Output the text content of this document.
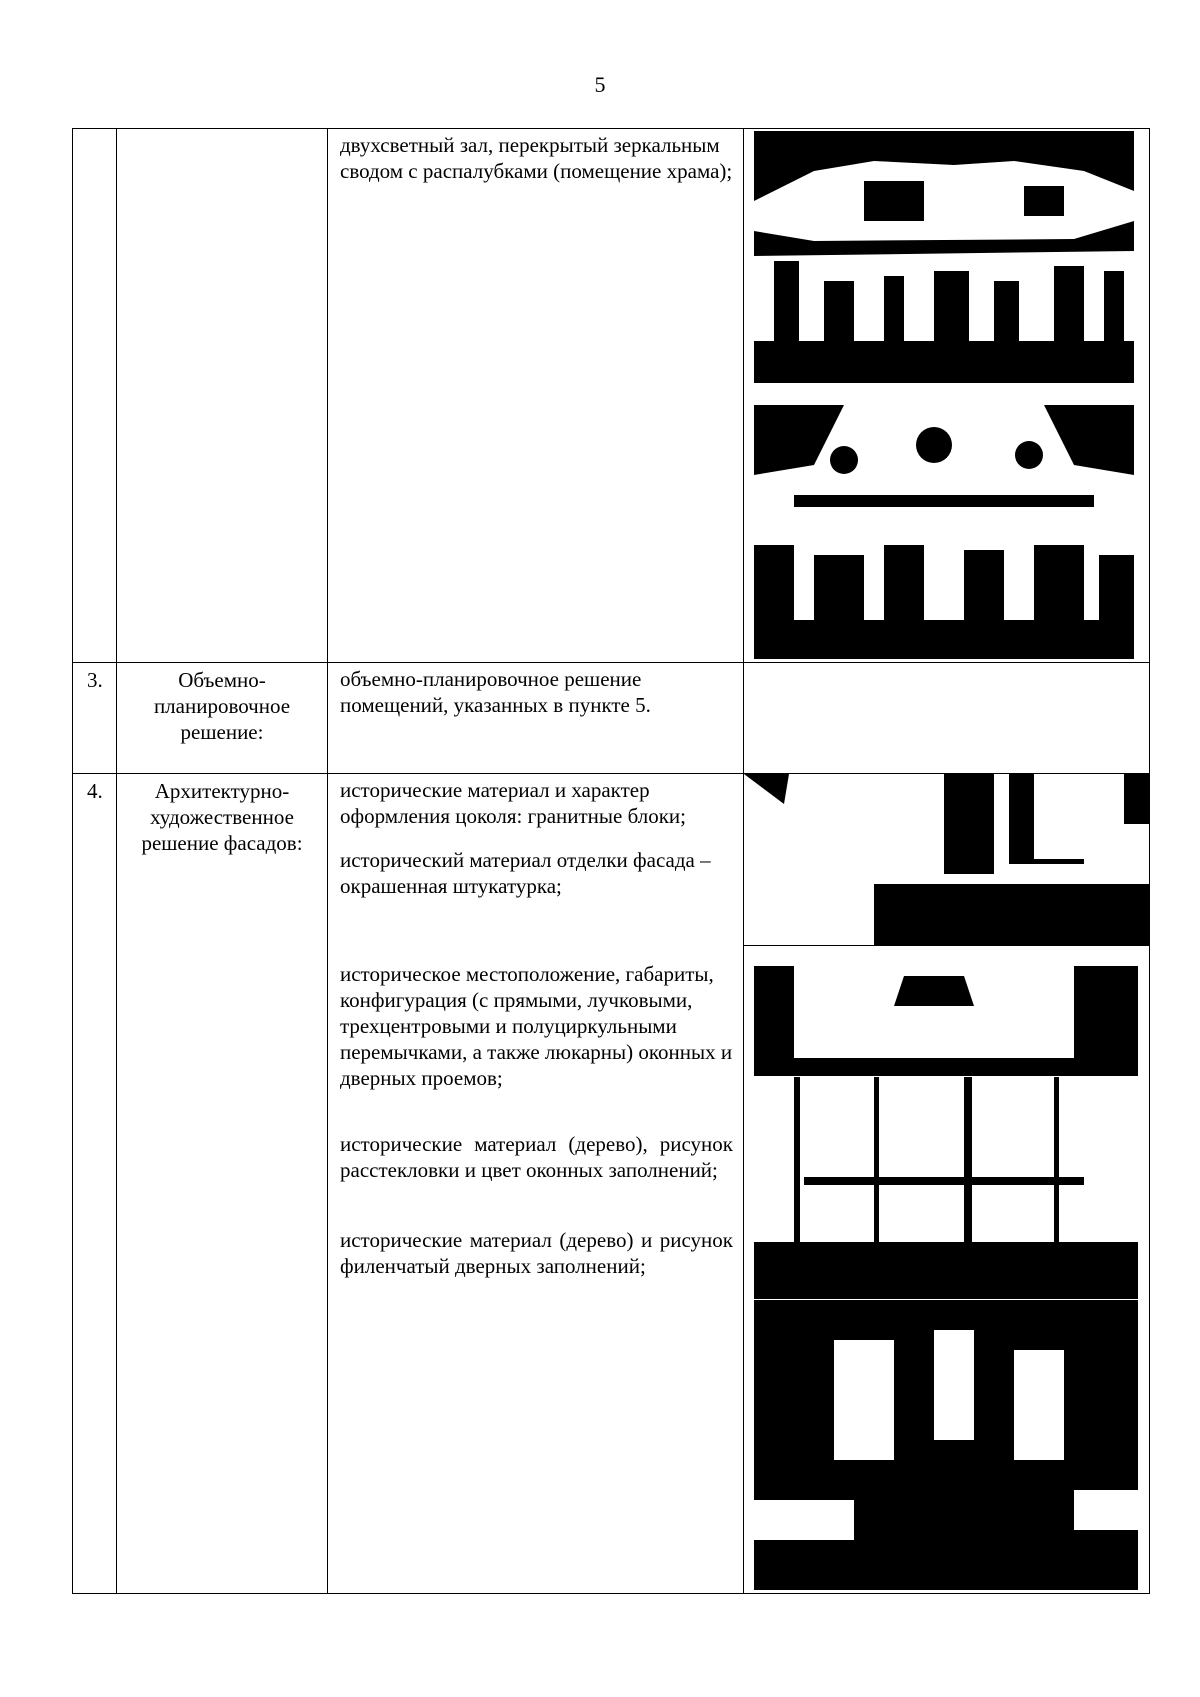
5

		двухсветный зал, перекрытый зеркальным сводом с распалубками (помещение храма);

3.	Объемно-планировочное решение:	объемно-планировочное решение помещений, указанных в пункте 5.	

4.	Архитектурно-художественное решение фасадов:	исторические материал и характер оформления цоколя: гранитные блоки;

исторический материал отделки фасада – окрашенная штукатурка;

историческое местоположение, габариты, конфигурация (с прямыми, лучковыми, трехцентровыми и полуциркульными перемычками, а также люкарны) оконных и дверных проемов;

исторические материал (дерево), рисунок расстекловки и цвет оконных заполнений;

исторические материал (дерево) и рисунок филенчатый дверных заполнений;
